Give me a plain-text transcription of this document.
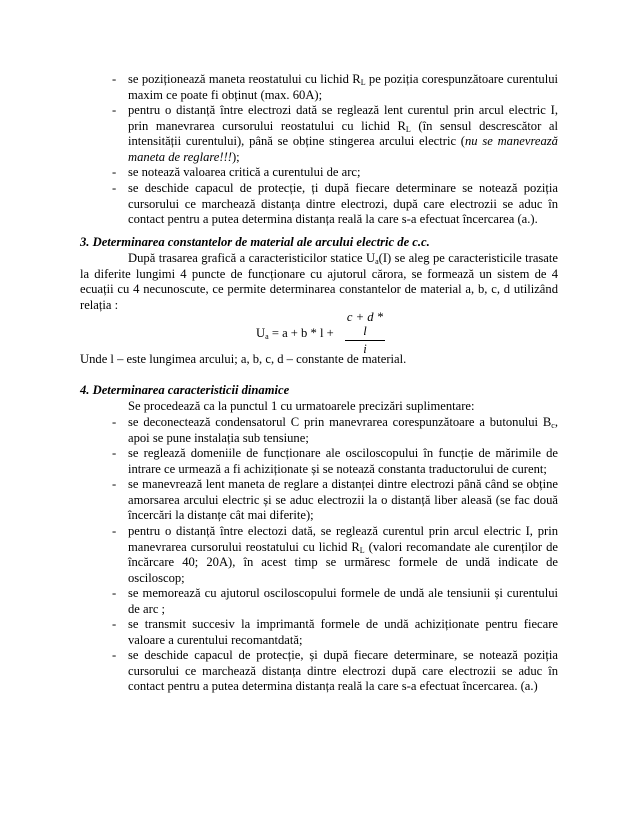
- se poziționează maneta reostatului cu lichid $R_L$ pe poziția corespunzătoare curentului maxim ce poate fi obținut (max. 60A);
- pentru o distanță între electrozi dată se reglează lent curentul prin arcul electric I, prin manevrarea cursorului reostatului cu lichid $R_L$ (în sensul descrescător al intensității curentului), până se obține stingerea arcului electric (nu se manevrează maneta de reglare!!!);
- se notează valoarea critică a curentului de arc;
- se deschide capacul de protecție, ți după fiecare determinare se notează poziția cursorului ce marchează distanța dintre electrozi, după care electrozii se aduc în contact pentru a putea determina distanța reală la care s-a efectuat încercarea (a.).
3. Determinarea constantelor de material ale arcului electric de c.c.
După trasarea grafică a caracteristicilor statice $U_a(I)$ se aleg pe caracteristicile trasate la diferite lungimi 4 puncte de funcționare cu ajutorul cărora, se formează un sistem de 4 ecuații cu 4 necunoscute, ce permite determinarea constantelor de material a, b, c, d utilizând relația :
$U_a = a + b * l$ +
c + d * l
i
Unde l – este lungimea arcului; a, b, c, d – constante de material.
4. Determinarea caracteristicii dinamice
Se procedează ca la punctul 1 cu urmatoarele precizări suplimentare:
- se deconectează condensatorul C prin manevrarea corespunzătoare a butonului $B_c$, apoi se pune instalația sub tensiune;
- se reglează domeniile de funcționare ale osciloscopului în funcție de mărimile de intrare ce urmează a fi achiziționate și se notează constanta traductorului de curent;
- se manevrează lent maneta de reglare a distanței dintre electrozi până când se obține amorsarea arcului electric și se aduc electrozii la o distanță liber aleasă (se fac două încercări la distanțe cât mai diferite);
- pentru o distanță între electozi dată, se reglează curentul prin arcul electric I, prin manevrarea cursorului reostatului cu lichid $R_L$ (valori recomandate ale curenților de încărcare 40; 20A), în acest timp se urmăresc formele de undă indicate de osciloscop;
- se memorează cu ajutorul osciloscopului formele de undă ale tensiunii și curentului de arc ;
- se transmit succesiv la imprimantă formele de undă achiziționate pentru fiecare valoare a curentului recomantdată;
- se deschide capacul de protecție, și după fiecare determinare, se notează poziția cursorului ce marchează distanța dintre electrozi după care electrozii se aduc în contact pentru a putea determina distanța reală la care s-a efectuat încercarea. (a.)
